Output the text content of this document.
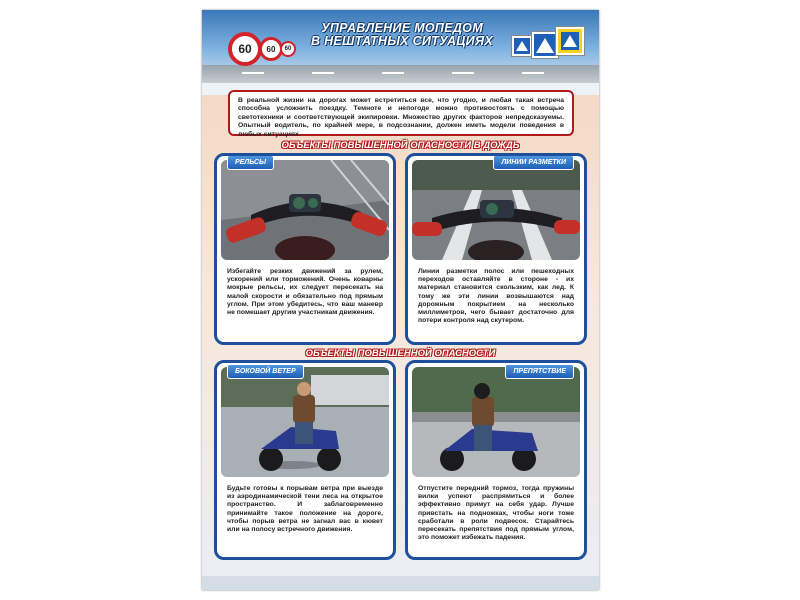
60 60 60
УПРАВЛЕНИЕ МОПЕДОМ
В НЕШТАТНЫХ СИТУАЦИЯХ
В реальной жизни на дорогах может встретиться все, что угодно, и любая такая встреча способна усложнить поездку. Темноте и непогоде можно противостоять с помощью светотехники и соответствующей экипировки. Множество других факторов непредсказуемы. Опытный водитель, по крайней мере, в подсознании, должен иметь модели поведения в любых ситуациях.
ОБЪЕКТЫ ПОВЫШЕННОЙ ОПАСНОСТИ В ДОЖДЬ
РЕЛЬСЫ
Избегайте резких движений за рулем, ускорений или торможений. Очень коварны мокрые рельсы, их следует пересекать на малой скорости и обязательно под прямым углом. При этом убедитесь, что ваш маневр не помешает другим участникам движения.
ЛИНИИ РАЗМЕТКИ
Линии разметки полос или пешеходных переходов оставляйте в стороне - их материал становится скользким, как лед. К тому же эти линии возвышаются над дорожным покрытием на несколько миллиметров, чего бывает достаточно для потери контроля над скутером.
ОБЪЕКТЫ ПОВЫШЕННОЙ ОПАСНОСТИ
БОКОВОЙ ВЕТЕР
Будьте готовы к порывам ветра при выезде из аэродинамической тени леса на открытое пространство. И заблаговременно принимайте такое положение на дороге, чтобы порыв ветра не загнал вас в кювет или на полосу встречного движения.
ПРЕПЯТСТВИЕ
Отпустите передний тормоз, тогда пружины вилки успеют распрямиться и более эффективно примут на себя удар. Лучше привстать на подножках, чтобы ноги тоже сработали в роли подвесок. Старайтесь пересекать препятствия под прямым углом, это поможет избежать падения.
